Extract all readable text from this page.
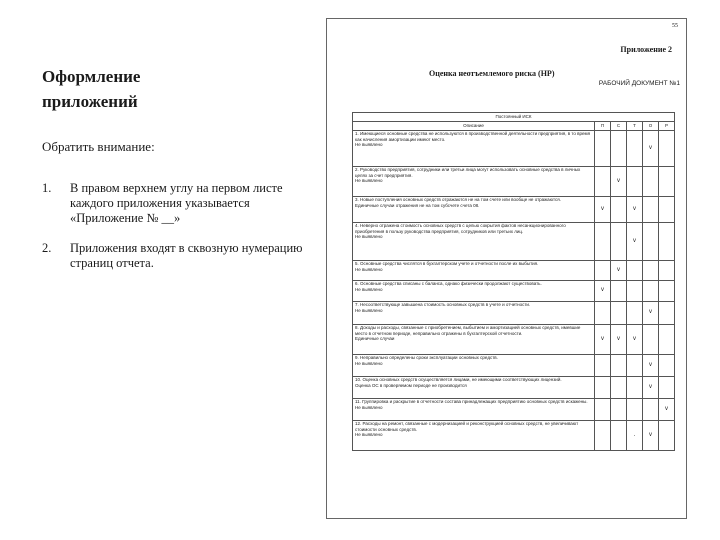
Оформление
приложений

Обратить внимание:
1.	В правом верхнем углу на первом листе каждого приложения указывается «Приложение № __»
2.	Приложения входят в сквозную нумерацию страниц отчета.
55
Приложение 2
Оценка неотъемлемого риска (НР)
РАБОЧИЙ ДОКУМЕНТ №1
Постоянный ИСК					
Описание	П	С	Т	О	Р

1. Имеющиеся основные средства не используются в производственной деятельности предприятия, в то время как начисления амортизации имеют место.
Не выявлено				v	

2. Руководство предприятия, сотрудники или третьи лица могут использовать основные средства в личных целях за счет предприятия.
Не выявлено		v			

3. Новые поступления основных средств отражаются не на том счете или вообще не отражаются.
Единичные случаи отражения не на том субсчете счета 08.	v		v		

4. Неверно отражена стоимость основных средств с целью сокрытия фактов несанкционированного приобретения в пользу руководства предприятия, сотрудников или третьих лиц.
Не выявлено			v		

5. Основные средства числятся в бухгалтерском учете и отчетности после их выбытия.
Не выявлено		v			

6. Основные средства списаны с баланса, однако физически продолжают существовать.
Не выявлено	v				

7. Несоответствующе завышена стоимость основных средств в учете и отчетности.
Не выявлено				v	

8. Доходы и расходы, связанные с приобретением, выбытием и амортизацией основных средств, имевшие место в отчетном периоде, неправильно отражены в бухгалтерской отчетности.
Единичные случаи	v	v	v		

9. Неправильно определены сроки эксплуатации основных средств.
Не выявлено				v	

10. Оценка основных средств осуществляется лицами, не имеющими соответствующих лицензий.
Оценка ОС в проверяемом периоде не производится				v	

11. Группировка и раскрытие в отчетности состава принадлежащих предприятию основных средств искажены.
Не выявлено					v

12. Расходы на ремонт, связанные с модернизацией и реконструкцией основных средств, не увеличивают стоимости основных средств.
Не выявлено			.	v	
